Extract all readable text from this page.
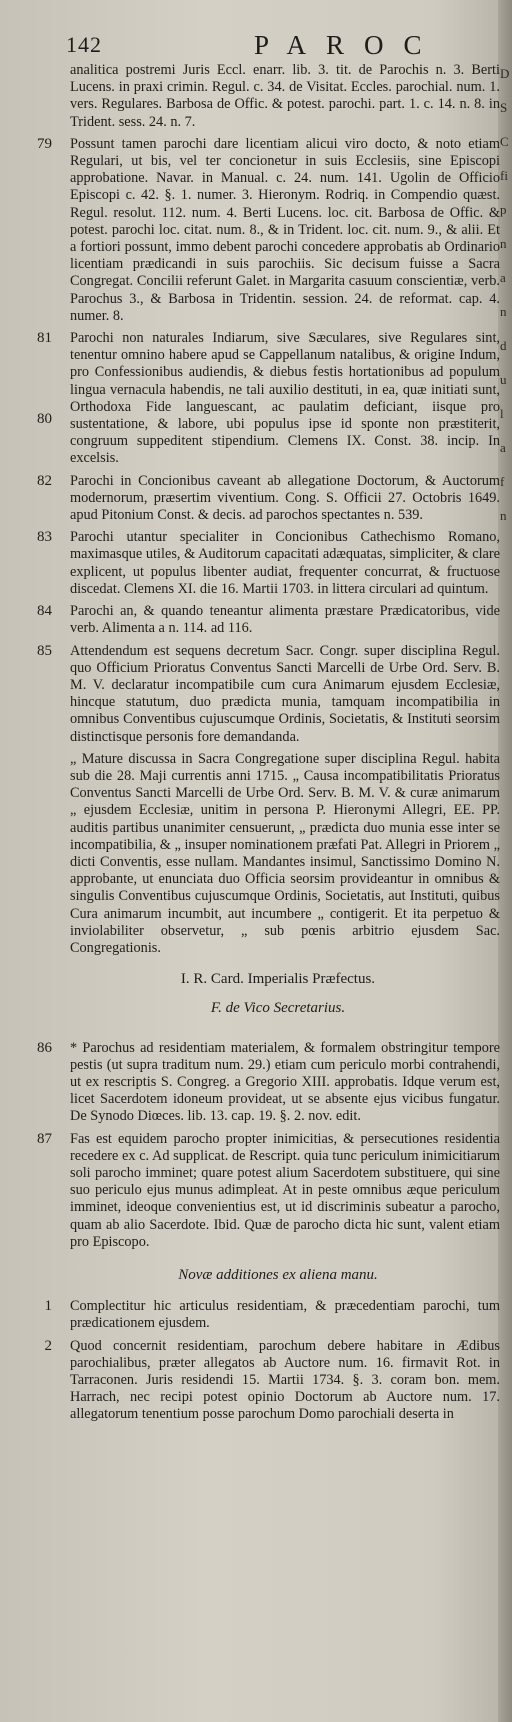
D
S
C
fi
p
n
a
n
d
u
l
a
f
n
142	PAROC

analitica postremi Juris Eccl. enarr. lib. 3. tit. de Parochis n. 3. Berti Lucens. in praxi crimin. Regul. c. 34. de Visitat. Eccles. parochial. num. 1. vers. Regulares. Barbosa de Offic. & potest. parochi. part. 1. c. 14. n. 8. in Trident. sess. 24. n. 7.

79 Possunt tamen parochi dare licentiam alicui viro docto, & noto etiam Regulari, ut bis, vel ter concionetur in suis Ecclesiis, sine Episcopi approbatione. Navar. in Manual. c. 24. num. 141. Ugolin de Officio Episcopi c. 42. §. 1. numer. 3. Hieronym. Rodriq. in Compendio quæst. Regul. resolut. 112. num. 4. Berti Lucens. loc. cit. Barbosa de Offic. & potest. parochi loc. citat. num. 8., & in Trident. loc. cit. num. 9., & alii. Et a fortiori possunt, immo debent parochi concedere approbatis ab Ordinario licentiam prædicandi in suis parochiis. Sic decisum fuisse a Sacra Congregat. Concilii referunt Galet. in Margarita casuum conscientiæ, verb. Parochus 3., & Barbosa in Tridentin. session. 24. de reformat. cap. 4. numer. 8.
80

81 Parochi non naturales Indiarum, sive Sæculares, sive Regulares sint, tenentur omnino habere apud se Cappellanum natalibus, & origine Indum, pro Confessionibus audiendis, & diebus festis hortationibus ad populum lingua vernacula habendis, ne tali auxilio destituti, in ea, quæ initiati sunt, Orthodoxa Fide languescant, ac paulatim deficiant, iisque pro sustentatione, & labore, ubi populus ipse id sponte non præstiterit, congruum suppeditent stipendium. Clemens IX. Const. 38. incip. In excelsis.

82 Parochi in Concionibus caveant ab allegatione Doctorum, & Auctorum modernorum, præsertim viventium. Cong. S. Officii 27. Octobris 1649. apud Pitonium Const. & decis. ad parochos spectantes n. 539.

83 Parochi utantur specialiter in Concionibus Cathechismo Romano, maximasque utiles, & Auditorum capacitati adæquatas, simpliciter, & clare explicent, ut populus libenter audiat, frequenter concurrat, & fructuose discedat. Clemens XI. die 16. Martii 1703. in littera circulari ad quintum.

84 Parochi an, & quando teneantur alimenta præstare Prædicatoribus, vide verb. Alimenta a n. 114. ad 116.

85 Attendendum est sequens decretum Sacr. Congr. super disciplina Regul. quo Officium Prioratus Conventus Sancti Marcelli de Urbe Ord. Serv. B. M. V. declaratur incompatibile cum cura Animarum ejusdem Ecclesiæ, hincque statutum, duo prædicta munia, tamquam incompatibilia in omnibus Conventibus cujuscumque Ordinis, Societatis, & Instituti seorsim distinctisque personis fore demandanda.

„ Mature discussa in Sacra Congregatione super disciplina Regul. habita sub die 28. Maji currentis anni 1715. „ Causa incompatibilitatis Prioratus Conventus Sancti Marcelli de Urbe Ord. Serv. B. M. V. & curæ animarum „ ejusdem Ecclesiæ, unitim in persona P. Hieronymi Allegri, EE. PP. auditis partibus unanimiter censuerunt, „ prædicta duo munia esse inter se incompatibilia, & „ insuper nominationem præfati Pat. Allegri in Priorem „ dicti Conventis, esse nullam. Mandantes insimul, Sanctissimo Domino N. approbante, ut enunciata duo Officia seorsim provideantur in omnibus & singulis Conventibus cujuscumque Ordinis, Societatis, aut Instituti, quibus Cura animarum incumbit, aut incumbere „ contigerit. Et ita perpetuo & inviolabiliter observetur, „ sub pœnis arbitrio ejusdem Sac. Congregationis.

I. R. Card. Imperialis Præfectus.
F. de Vico Secretarius.

86 * Parochus ad residentiam materialem, & formalem obstringitur tempore pestis (ut supra traditum num. 29.) etiam cum periculo morbi contrahendi, ut ex rescriptis S. Congreg. a Gregorio XIII. approbatis. Idque verum est, licet Sacerdotem idoneum provideat, ut se absente ejus vicibus fungatur. De Synodo Diœces. lib. 13. cap. 19. §. 2. nov. edit.

87 Fas est equidem parocho propter inimicitias, & persecutiones residentia recedere ex c. Ad supplicat. de Rescript. quia tunc periculum inimicitiarum soli parocho imminet; quare potest alium Sacerdotem substituere, qui sine suo periculo ejus munus adimpleat. At in peste omnibus æque periculum imminet, ideoque convenientius est, ut id discriminis subeatur a parocho, quam ab alio Sacerdote. Ibid. Quæ de parocho dicta hic sunt, valent etiam pro Episcopo.

Novæ additiones ex aliena manu.

1 Complectitur hic articulus residentiam, & præcedentiam parochi, tum prædicationem ejusdem.

2 Quod concernit residentiam, parochum debere habitare in Ædibus parochialibus, præter allegatos ab Auctore num. 16. firmavit Rot. in Tarraconen. Juris residendi 15. Martii 1734. §. 3. coram bon. mem. Harrach, nec recipi potest opinio Doctorum ab Auctore num. 17. allegatorum tenentium posse parochum Domo parochiali deserta in
